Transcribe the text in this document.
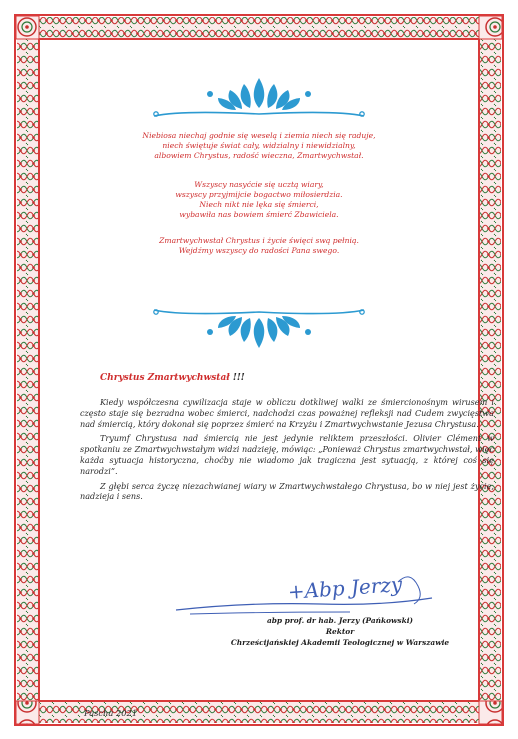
Niebiosa niechaj godnie się weselą i ziemia niech się raduje,
niech świętuje świat cały, widzialny i niewidzialny,
albowiem Chrystus, radość wieczna, Zmartwychwstał.
Wszyscy nasyćcie się ucztą wiary,
wszyscy przyjmijcie bogactwo miłosierdzia.
Niech nikt nie lęka się śmierci,
wybawiła nas bowiem śmierć Zbawiciela.
Zmartwychwstał Chrystus i życie święci swą pełnią.
Wejdźmy wszyscy do radości Pana swego.
Chrystus Zmartwychwstał !!!

Kiedy współczesna cywilizacja staje w obliczu dotkliwej walki ze śmiercionośnym wirusem i często staje się bezradna wobec śmierci, nadchodzi czas poważnej refleksji nad Cudem zwycięstwa nad śmiercią, który dokonał się poprzez śmierć na Krzyżu i Zmartwychwstanie Jezusa Chrystusa.

Tryumf Chrystusa nad śmiercią nie jest jedynie reliktem przeszłości. Olivier Clément w spotkaniu ze Zmartwychwstałym widzi nadzieję, mówiąc: „Ponieważ Chrystus zmartwychwstał, więc każda sytuacja historyczna, choćby nie wiadomo jak tragiczna jest sytuacją, z której coś się narodzi”.

Z głębi serca życzę niezachwianej wiary w Zmartwychwstałego Chrystusa, bo w niej jest życie, nadzieja i sens.

+Abp Jerzy
abp prof. dr hab. Jerzy (Pańkowski)
Rektor
Chrześcijańskiej Akademii Teologicznej w Warszawie
Pascha 2021
